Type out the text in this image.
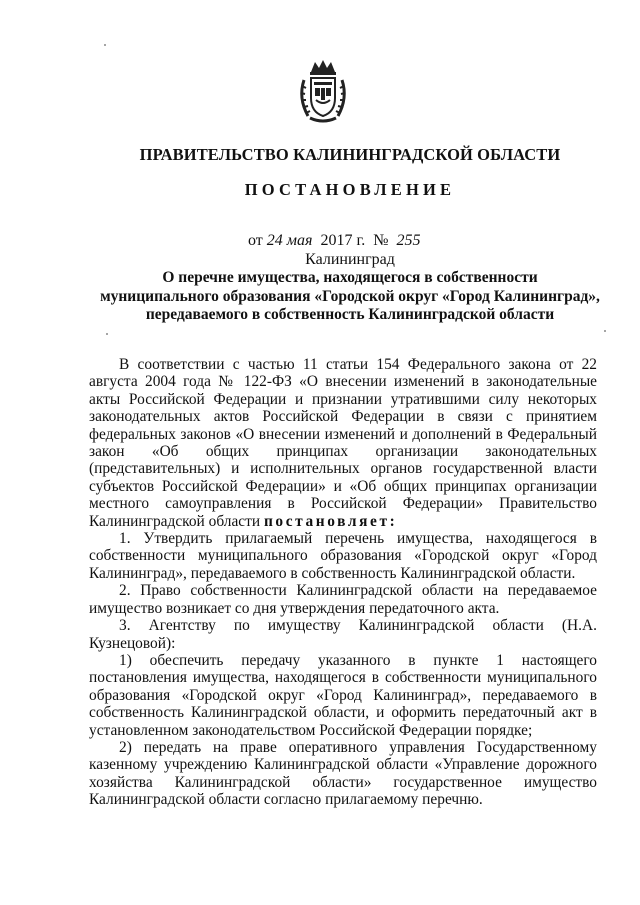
ПРАВИТЕЛЬСТВО КАЛИНИНГРАДСКОЙ ОБЛАСТИ
ПОСТАНОВЛЕНИЕ
от 24 мая 2017 г. № 255
Калининград
О перечне имущества, находящегося в собственности
муниципального образования «Городской округ «Город Калининград»,
передаваемого в собственность Калининградской области

В соответствии с частью 11 статьи 154 Федерального закона от 22 августа 2004 года № 122-ФЗ «О внесении изменений в законодательные акты Российской Федерации и признании утратившими силу некоторых законодательных актов Российской Федерации в связи с принятием федеральных законов «О внесении изменений и дополнений в Федеральный закон «Об общих принципах организации законодательных (представительных) и исполнительных органов государственной власти субъектов Российской Федерации» и «Об общих принципах организации местного самоуправления в Российской Федерации» Правительство Калининградской области постановляет:

1. Утвердить прилагаемый перечень имущества, находящегося в собственности муниципального образования «Городской округ «Город Калининград», передаваемого в собственность Калининградской области.

2. Право собственности Калининградской области на передаваемое имущество возникает со дня утверждения передаточного акта.

3. Агентству по имуществу Калининградской области (Н.А. Кузнецовой):

1) обеспечить передачу указанного в пункте 1 настоящего постановления имущества, находящегося в собственности муниципального образования «Городской округ «Город Калининград», передаваемого в собственность Калининградской области, и оформить передаточный акт в установленном законодательством Российской Федерации порядке;

2) передать на праве оперативного управления Государственному казенному учреждению Калининградской области «Управление дорожного хозяйства Калининградской области» государственное имущество Калининградской области согласно прилагаемому перечню.
